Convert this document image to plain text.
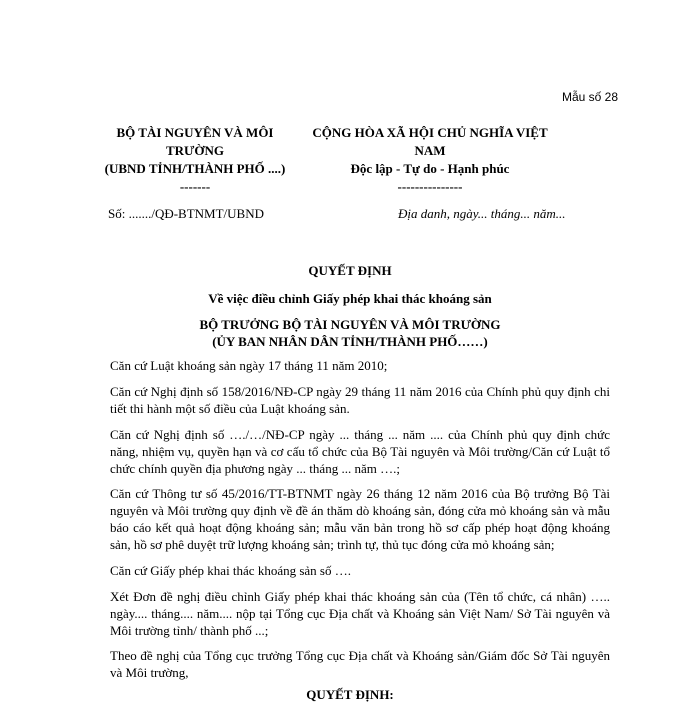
Mẫu số 28
BỘ TÀI NGUYÊN VÀ MÔI
TRƯỜNG
(UBND TỈNH/THÀNH PHỐ ....)
-------
CỘNG HÒA XÃ HỘI CHỦ NGHĨA VIỆT
NAM
Độc lập - Tự do - Hạnh phúc
---------------
Số: ......./QĐ-BTNMT/UBND	Địa danh, ngày... tháng... năm...
QUYẾT ĐỊNH
Về việc điều chỉnh Giấy phép khai thác khoáng sản
BỘ TRƯỞNG BỘ TÀI NGUYÊN VÀ MÔI TRƯỜNG
(ỦY BAN NHÂN DÂN TỈNH/THÀNH PHỐ……)
Căn cứ Luật khoáng sản ngày 17 tháng 11 năm 2010;
Căn cứ Nghị định số 158/2016/NĐ-CP ngày 29 tháng 11 năm 2016 của Chính phủ quy định chi tiết thi hành một số điều của Luật khoáng sản.
Căn cứ Nghị định số …./…/NĐ-CP ngày ... tháng ... năm .... của Chính phủ quy định chức năng, nhiệm vụ, quyền hạn và cơ cấu tổ chức của Bộ Tài nguyên và Môi trường/Căn cứ Luật tổ chức chính quyền địa phương ngày ... tháng ... năm ….;
Căn cứ Thông tư số 45/2016/TT-BTNMT ngày 26 tháng 12 năm 2016 của Bộ trưởng Bộ Tài nguyên và Môi trường quy định về đề án thăm dò khoáng sản, đóng cửa mỏ khoáng sản và mẫu báo cáo kết quả hoạt động khoáng sản; mẫu văn bản trong hồ sơ cấp phép hoạt động khoáng sản, hồ sơ phê duyệt trữ lượng khoáng sản; trình tự, thủ tục đóng cửa mỏ khoáng sản;
Căn cứ Giấy phép khai thác khoáng sản số ….
Xét Đơn đề nghị điều chỉnh Giấy phép khai thác khoáng sản của (Tên tổ chức, cá nhân) ….. ngày.... tháng.... năm.... nộp tại Tổng cục Địa chất và Khoáng sản Việt Nam/ Sở Tài nguyên và Môi trường tỉnh/ thành phố ...;
Theo đề nghị của Tổng cục trưởng Tổng cục Địa chất và Khoáng sản/Giám đốc Sở Tài nguyên và Môi trường,
QUYẾT ĐỊNH:
